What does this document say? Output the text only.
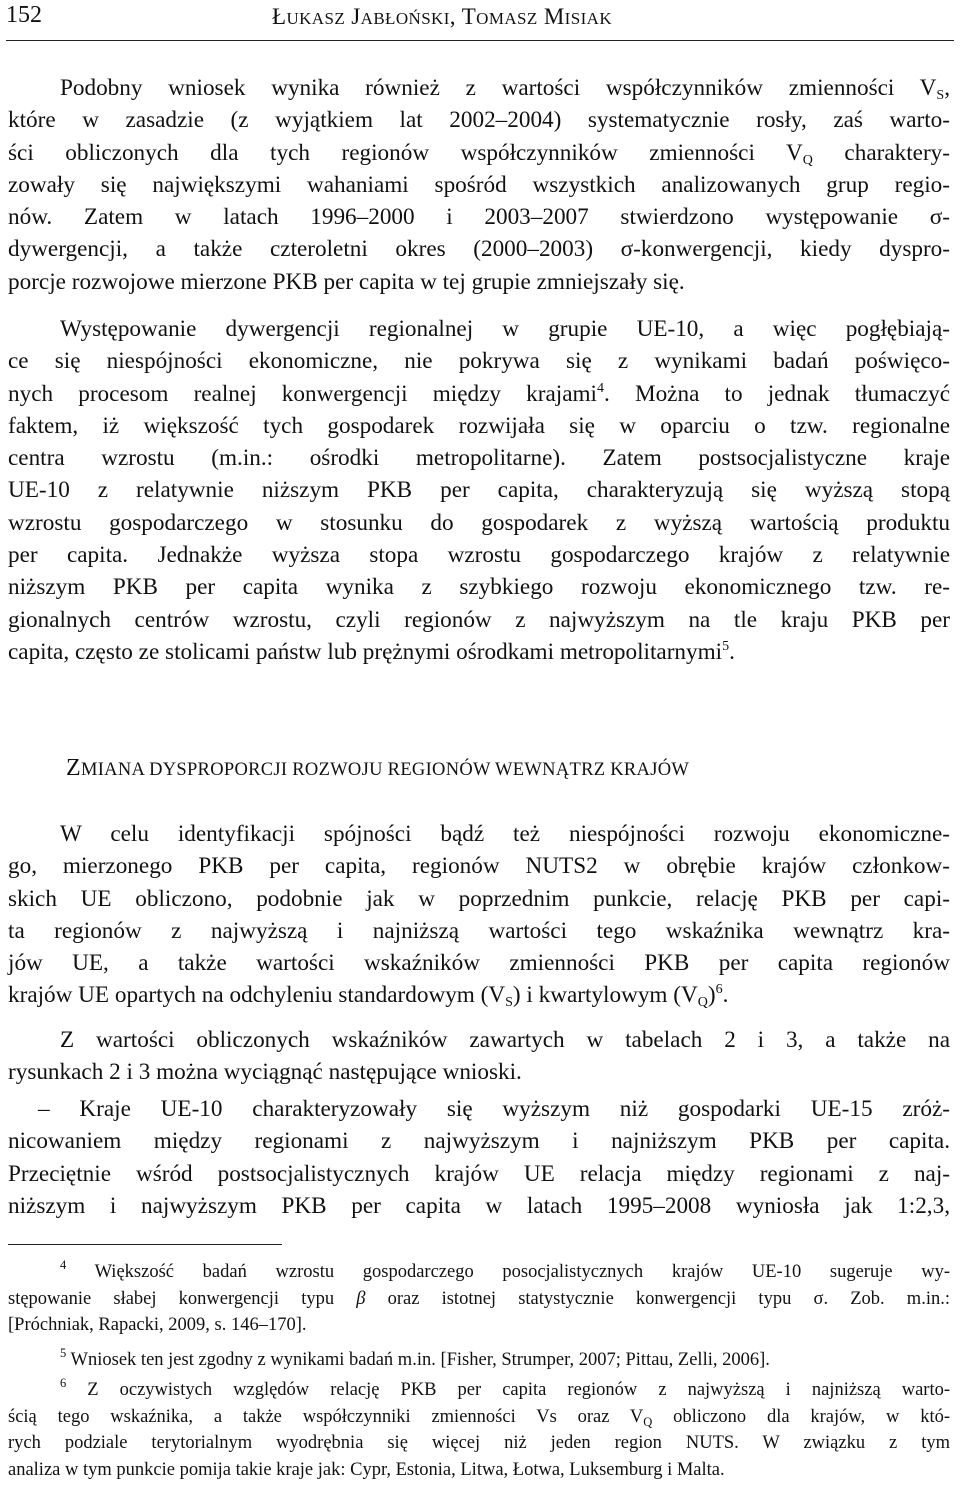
152	ŁUKASZ JABŁOŃSKI, TOMASZ MISIAK
Podobny wniosek wynika również z wartości współczynników zmienności $V_S$,
które w zasadzie (z wyjątkiem lat 2002–2004) systematycznie rosły, zaś warto-
ści obliczonych dla tych regionów współczynników zmienności $V_Q$ charaktery-
zowały się największymi wahaniami spośród wszystkich analizowanych grup regio-
nów. Zatem w latach 1996–2000 i 2003–2007 stwierdzono występowanie σ-
dywergencji, a także czteroletni okres (2000–2003) σ-konwergencji, kiedy dyspro-
porcje rozwojowe mierzone PKB per capita w tej grupie zmniejszały się.
Występowanie dywergencji regionalnej w grupie UE-10, a więc pogłębiają-
ce się niespójności ekonomiczne, nie pokrywa się z wynikami badań poświęco-
nych procesom realnej konwergencji między krajami$^4$. Można to jednak tłumaczyć
faktem, iż większość tych gospodarek rozwijała się w oparciu o tzw. regionalne
centra wzrostu (m.in.: ośrodki metropolitarne). Zatem postsocjalistyczne kraje
UE-10 z relatywnie niższym PKB per capita, charakteryzują się wyższą stopą
wzrostu gospodarczego w stosunku do gospodarek z wyższą wartością produktu
per capita. Jednakże wyższa stopa wzrostu gospodarczego krajów z relatywnie
niższym PKB per capita wynika z szybkiego rozwoju ekonomicznego tzw. re-
gionalnych centrów wzrostu, czyli regionów z najwyższym na tle kraju PKB per
capita, często ze stolicami państw lub prężnymi ośrodkami metropolitarnymi$^5$.
ZMIANA DYSPROPORCJI ROZWOJU REGIONÓW WEWNĄTRZ KRAJÓW
W celu identyfikacji spójności bądź też niespójności rozwoju ekonomiczne-
go, mierzonego PKB per capita, regionów NUTS2 w obrębie krajów członkow-
skich UE obliczono, podobnie jak w poprzednim punkcie, relację PKB per capi-
ta regionów z najwyższą i najniższą wartości tego wskaźnika wewnątrz kra-
jów UE, a także wartości wskaźników zmienności PKB per capita regionów
krajów UE opartych na odchyleniu standardowym $(V_S)$ i kwartylowym $(V_Q)^6$.
Z wartości obliczonych wskaźników zawartych w tabelach 2 i 3, a także na
rysunkach 2 i 3 można wyciągnąć następujące wnioski.
– Kraje UE-10 charakteryzowały się wyższym niż gospodarki UE-15 zróż-
nicowaniem między regionami z najwyższym i najniższym PKB per capita.
Przeciętnie wśród postsocjalistycznych krajów UE relacja między regionami z naj-
niższym i najwyższym PKB per capita w latach 1995–2008 wyniosła jak 1:2,3,
$^4$ Większość badań wzrostu gospodarczego posocjalistycznych krajów UE-10 sugeruje wy-
stępowanie słabej konwergencji typu β oraz istotnej statystycznie konwergencji typu σ. Zob. m.in.:
[Próchniak, Rapacki, 2009, s. 146–170].
$^5$ Wniosek ten jest zgodny z wynikami badań m.in. [Fisher, Strumper, 2007; Pittau, Zelli, 2006].
$^6$ Z oczywistych względów relację PKB per capita regionów z najwyższą i najniższą warto-
ścią tego wskaźnika, a także współczynniki zmienności Vs oraz $V_Q$ obliczono dla krajów, w któ-
rych podziale terytorialnym wyodrębnia się więcej niż jeden region NUTS. W związku z tym
analiza w tym punkcie pomija takie kraje jak: Cypr, Estonia, Litwa, Łotwa, Luksemburg i Malta.
